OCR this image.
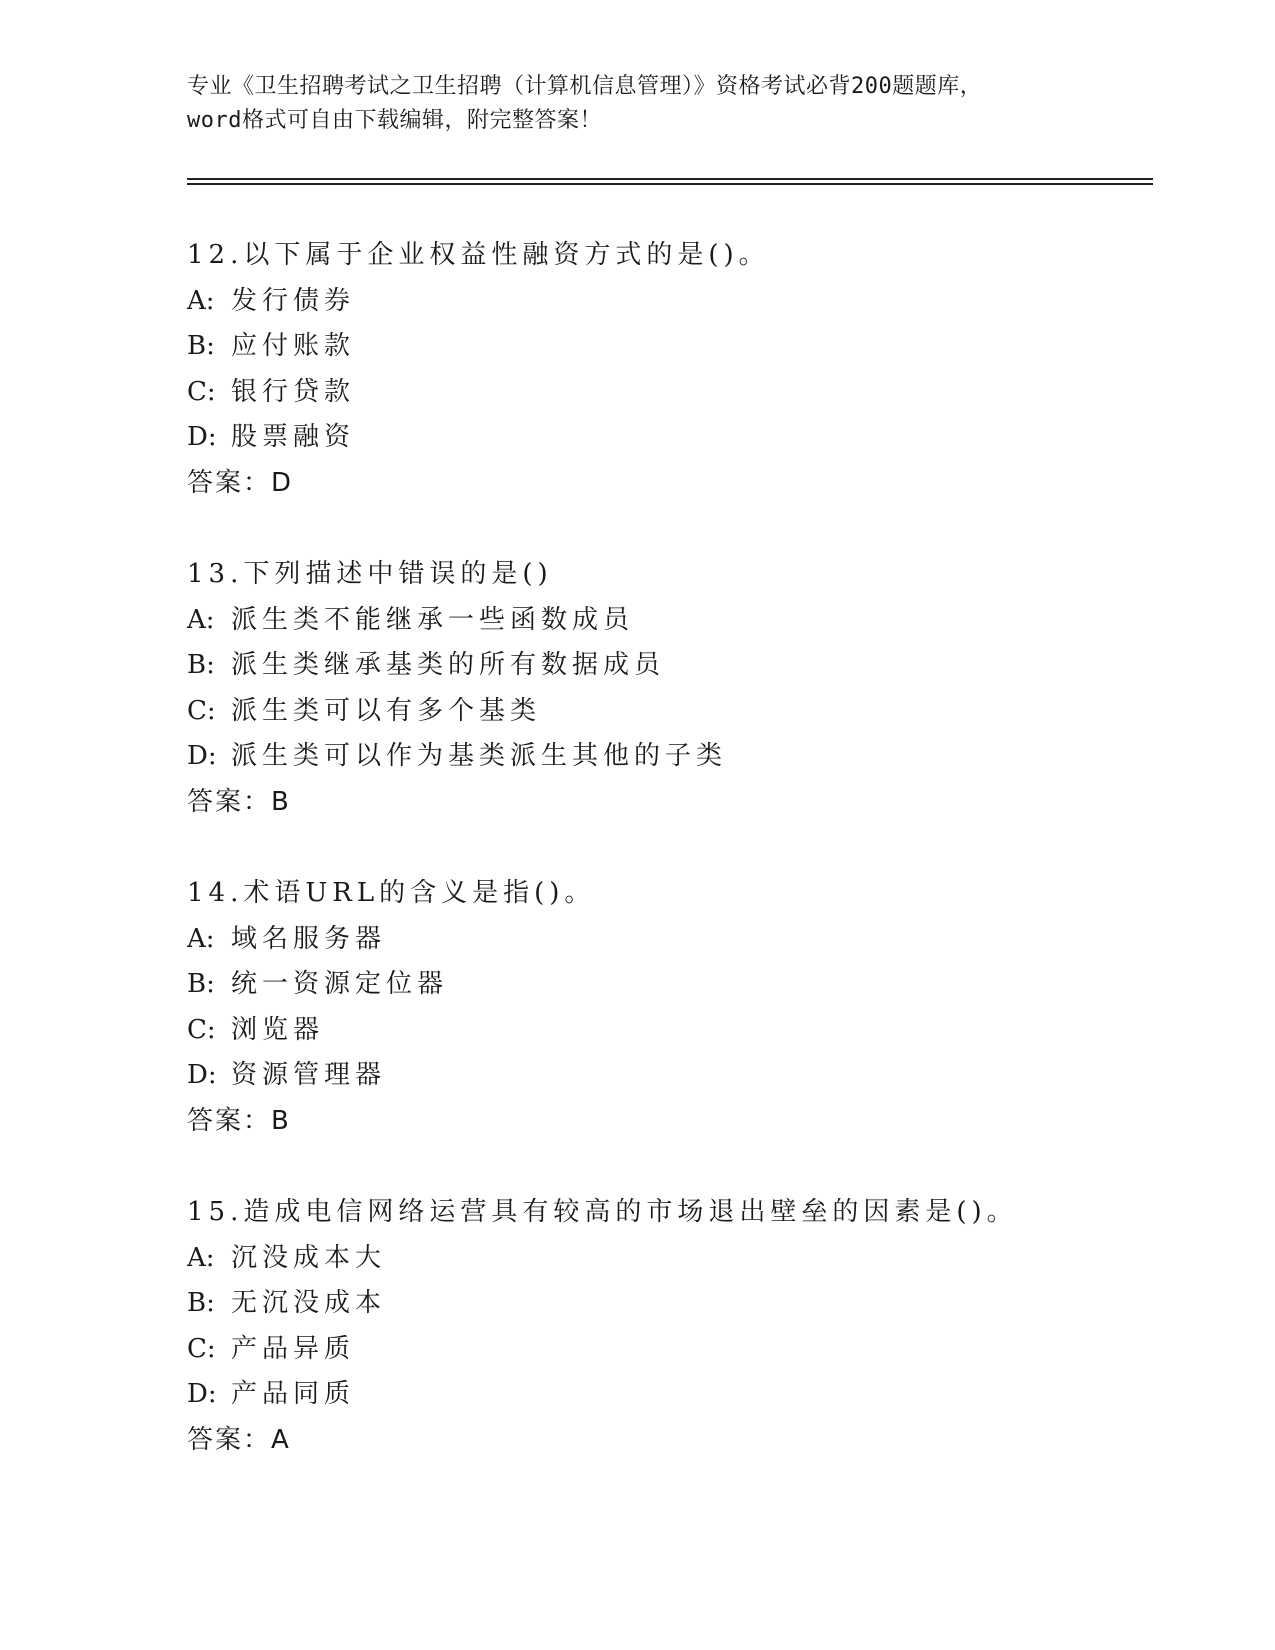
专业《卫生招聘考试之卫生招聘（计算机信息管理）》资格考试必背200题题库，
word格式可自由下载编辑，附完整答案！
12.以下属于企业权益性融资方式的是()。
A: 发行债券
B: 应付账款
C: 银行贷款
D: 股票融资
答案：D
13.下列描述中错误的是()
A: 派生类不能继承一些函数成员
B: 派生类继承基类的所有数据成员
C: 派生类可以有多个基类
D: 派生类可以作为基类派生其他的子类
答案：B
14.术语URL的含义是指()。
A: 域名服务器
B: 统一资源定位器
C: 浏览器
D: 资源管理器
答案：B
15.造成电信网络运营具有较高的市场退出壁垒的因素是()。
A: 沉没成本大
B: 无沉没成本
C: 产品异质
D: 产品同质
答案：A
